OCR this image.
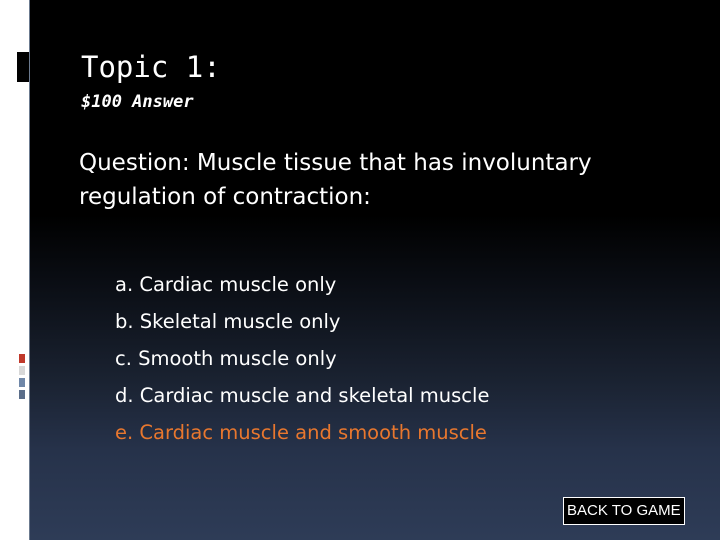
Topic 1:
$100 Answer

Question: Muscle tissue that has involuntary regulation of contraction:

a. Cardiac muscle only
b. Skeletal muscle only
c. Smooth muscle only
d. Cardiac muscle and skeletal muscle
e. Cardiac muscle and smooth muscle
BACK TO GAME
